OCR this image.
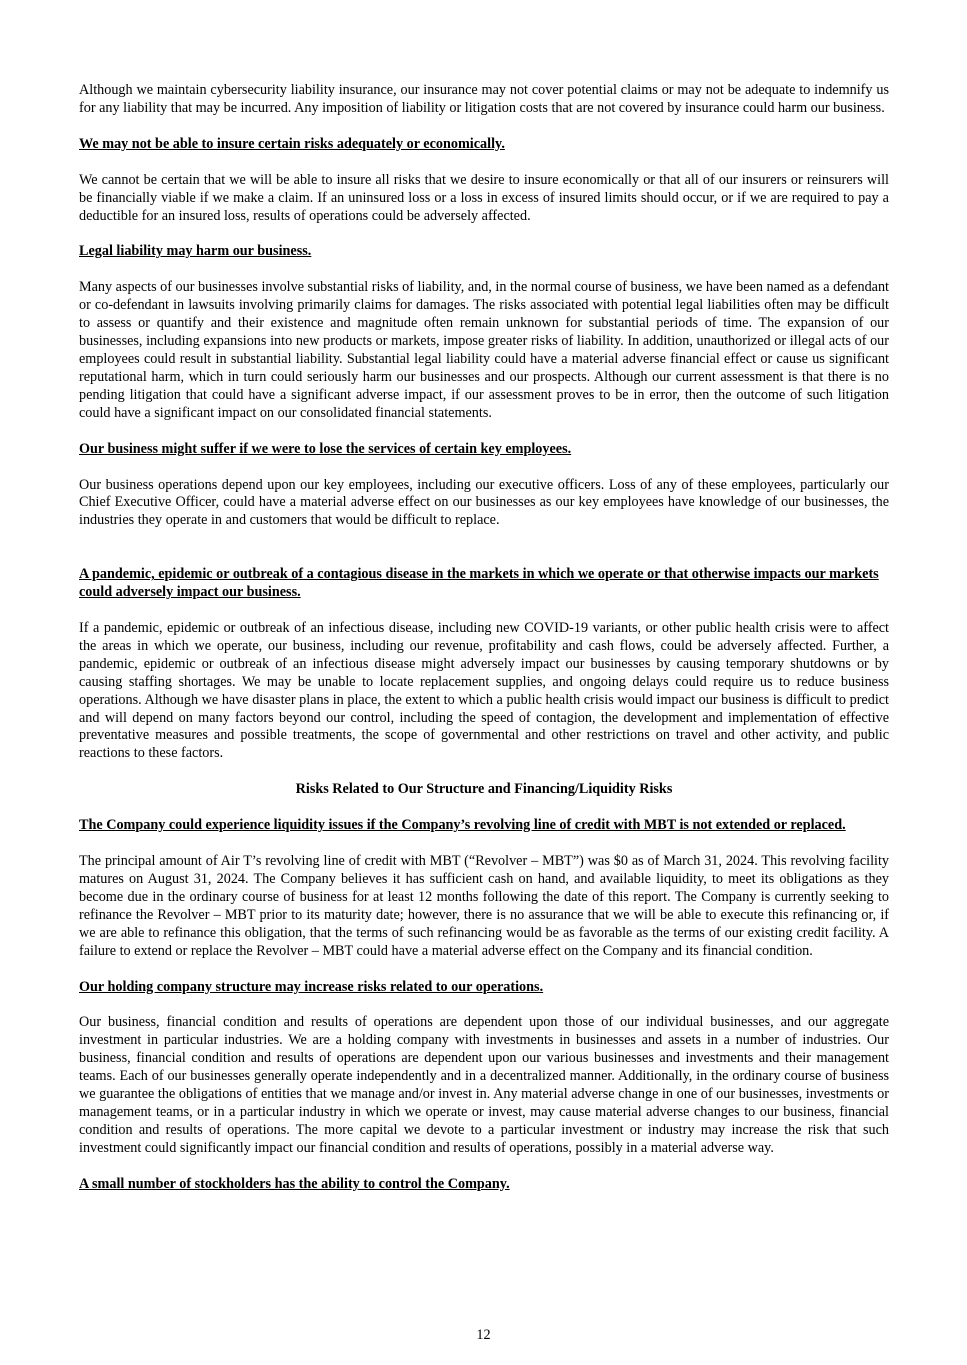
Although we maintain cybersecurity liability insurance, our insurance may not cover potential claims or may not be adequate to indemnify us for any liability that may be incurred. Any imposition of liability or litigation costs that are not covered by insurance could harm our business.

We may not be able to insure certain risks adequately or economically.

We cannot be certain that we will be able to insure all risks that we desire to insure economically or that all of our insurers or reinsurers will be financially viable if we make a claim. If an uninsured loss or a loss in excess of insured limits should occur, or if we are required to pay a deductible for an insured loss, results of operations could be adversely affected.

Legal liability may harm our business.

Many aspects of our businesses involve substantial risks of liability, and, in the normal course of business, we have been named as a defendant or co-defendant in lawsuits involving primarily claims for damages. The risks associated with potential legal liabilities often may be difficult to assess or quantify and their existence and magnitude often remain unknown for substantial periods of time. The expansion of our businesses, including expansions into new products or markets, impose greater risks of liability. In addition, unauthorized or illegal acts of our employees could result in substantial liability. Substantial legal liability could have a material adverse financial effect or cause us significant reputational harm, which in turn could seriously harm our businesses and our prospects. Although our current assessment is that there is no pending litigation that could have a significant adverse impact, if our assessment proves to be in error, then the outcome of such litigation could have a significant impact on our consolidated financial statements.

Our business might suffer if we were to lose the services of certain key employees.

Our business operations depend upon our key employees, including our executive officers. Loss of any of these employees, particularly our Chief Executive Officer, could have a material adverse effect on our businesses as our key employees have knowledge of our businesses, the industries they operate in and customers that would be difficult to replace.

A pandemic, epidemic or outbreak of a contagious disease in the markets in which we operate or that otherwise impacts our markets could adversely impact our business.

If a pandemic, epidemic or outbreak of an infectious disease, including new COVID-19 variants, or other public health crisis were to affect the areas in which we operate, our business, including our revenue, profitability and cash flows, could be adversely affected. Further, a pandemic, epidemic or outbreak of an infectious disease might adversely impact our businesses by causing temporary shutdowns or by causing staffing shortages. We may be unable to locate replacement supplies, and ongoing delays could require us to reduce business operations. Although we have disaster plans in place, the extent to which a public health crisis would impact our business is difficult to predict and will depend on many factors beyond our control, including the speed of contagion, the development and implementation of effective preventative measures and possible treatments, the scope of governmental and other restrictions on travel and other activity, and public reactions to these factors.

Risks Related to Our Structure and Financing/Liquidity Risks

The Company could experience liquidity issues if the Company’s revolving line of credit with MBT is not extended or replaced.

The principal amount of Air T’s revolving line of credit with MBT (“Revolver – MBT”) was $0 as of March 31, 2024. This revolving facility matures on August 31, 2024. The Company believes it has sufficient cash on hand, and available liquidity, to meet its obligations as they become due in the ordinary course of business for at least 12 months following the date of this report. The Company is currently seeking to refinance the Revolver – MBT prior to its maturity date; however, there is no assurance that we will be able to execute this refinancing or, if we are able to refinance this obligation, that the terms of such refinancing would be as favorable as the terms of our existing credit facility. A failure to extend or replace the Revolver – MBT could have a material adverse effect on the Company and its financial condition.

Our holding company structure may increase risks related to our operations.

Our business, financial condition and results of operations are dependent upon those of our individual businesses, and our aggregate investment in particular industries. We are a holding company with investments in businesses and assets in a number of industries. Our business, financial condition and results of operations are dependent upon our various businesses and investments and their management teams. Each of our businesses generally operate independently and in a decentralized manner. Additionally, in the ordinary course of business we guarantee the obligations of entities that we manage and/or invest in. Any material adverse change in one of our businesses, investments or management teams, or in a particular industry in which we operate or invest, may cause material adverse changes to our business, financial condition and results of operations. The more capital we devote to a particular investment or industry may increase the risk that such investment could significantly impact our financial condition and results of operations, possibly in a material adverse way.

A small number of stockholders has the ability to control the Company.

12
